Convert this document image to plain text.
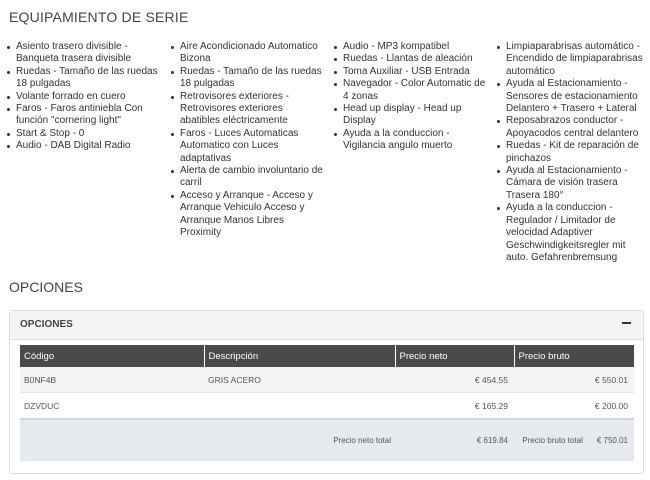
EQUIPAMIENTO DE SERIE
Asiento trasero divisible - Banqueta trasera divisible
Ruedas - Tamaño de las ruedas 18 pulgadas
Volante forrado en cuero
Faros - Faros antiniebla Con función "cornering light"
Start & Stop - 0
Audio - DAB Digital Radio
Aire Acondicionado Automatico Bizona
Ruedas - Tamaño de las ruedas 18 pulgadas
Retrovisores exteriores - Retrovisores exteriores abatibles eléctricamente
Faros - Luces Automaticas Automatico con Luces adaptativas
Alerta de cambio involuntario de carril
Acceso y Arranque - Acceso y Arranque Vehiculo Acceso y Arranque Manos Libres Proximity
Audio - MP3 kompatibel
Ruedas - Llantas de aleación
Toma Auxiliar - USB Entrada
Navegador - Color Automatic de 4 zonas
Head up display - Head up Display
Ayuda a la conduccion - Vigilancia angulo muerto
Limpiaparabrisas automático - Encendido de limpiaparabrisas automático
Ayuda al Estacionamiento - Sensores de estacionamiento Delantero + Trasero + Lateral
Reposabrazos conductor - Apoyacodos central delantero
Ruedas - Kit de reparación de pinchazos
Ayuda al Estacionamiento - Cámara de visión trasera Trasera 180°
Ayuda a la conduccion - Regulador / Limitador de velocidad Adaptiver Geschwindigkeitsregler mit auto. Gefahrenbremsung
OPCIONES
OPCIONES
Código	Descripción	Precio neto	Precio bruto
B0NF4B	GRIS ACERO	€ 454.55	€ 550.01
DZVDUC		€ 165.29	€ 200.00
	Precio neto total	€ 619.84	Precio bruto total € 750.01
